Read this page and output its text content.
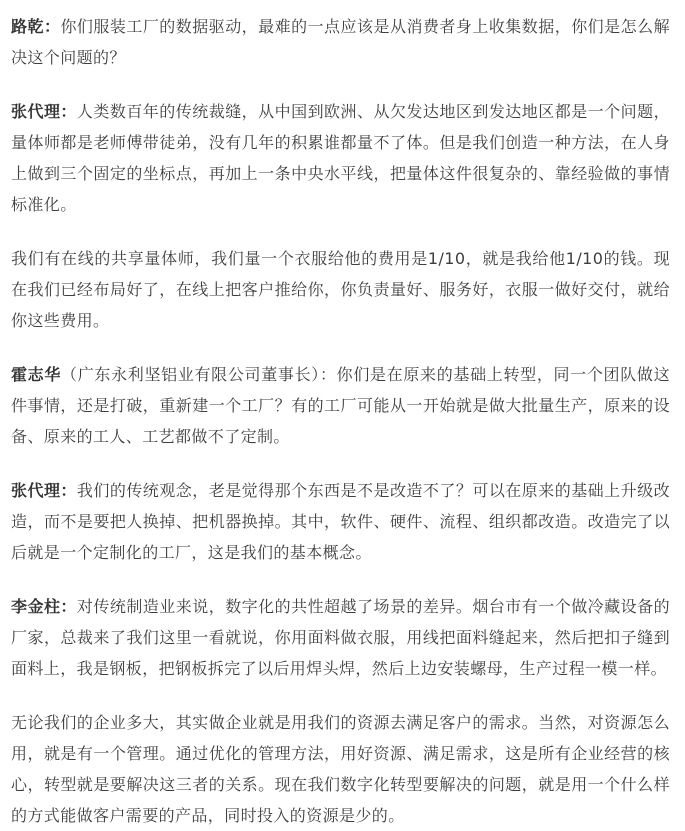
路乾：你们服装工厂的数据驱动，最难的一点应该是从消费者身上收集数据，你们是怎么解决这个问题的？

张代理：人类数百年的传统裁缝，从中国到欧洲、从欠发达地区到发达地区都是一个问题，量体师都是老师傅带徒弟，没有几年的积累谁都量不了体。但是我们创造一种方法，在人身上做到三个固定的坐标点，再加上一条中央水平线，把量体这件很复杂的、靠经验做的事情标准化。

我们有在线的共享量体师，我们量一个衣服给他的费用是1/10，就是我给他1/10的钱。现在我们已经布局好了，在线上把客户推给你，你负责量好、服务好，衣服一做好交付，就给你这些费用。

霍志华（广东永利坚铝业有限公司董事长）：你们是在原来的基础上转型，同一个团队做这件事情，还是打破，重新建一个工厂？有的工厂可能从一开始就是做大批量生产，原来的设备、原来的工人、工艺都做不了定制。

张代理：我们的传统观念，老是觉得那个东西是不是改造不了？可以在原来的基础上升级改造，而不是要把人换掉、把机器换掉。其中，软件、硬件、流程、组织都改造。改造完了以后就是一个定制化的工厂，这是我们的基本概念。

李金柱：对传统制造业来说，数字化的共性超越了场景的差异。烟台市有一个做冷藏设备的厂家，总裁来了我们这里一看就说，你用面料做衣服，用线把面料缝起来，然后把扣子缝到面料上，我是钢板，把钢板拆完了以后用焊头焊，然后上边安装螺母，生产过程一模一样。

无论我们的企业多大，其实做企业就是用我们的资源去满足客户的需求。当然，对资源怎么用，就是有一个管理。通过优化的管理方法，用好资源、满足需求，这是所有企业经营的核心，转型就是要解决这三者的关系。现在我们数字化转型要解决的问题，就是用一个什么样的方式能做客户需要的产品，同时投入的资源是少的。
